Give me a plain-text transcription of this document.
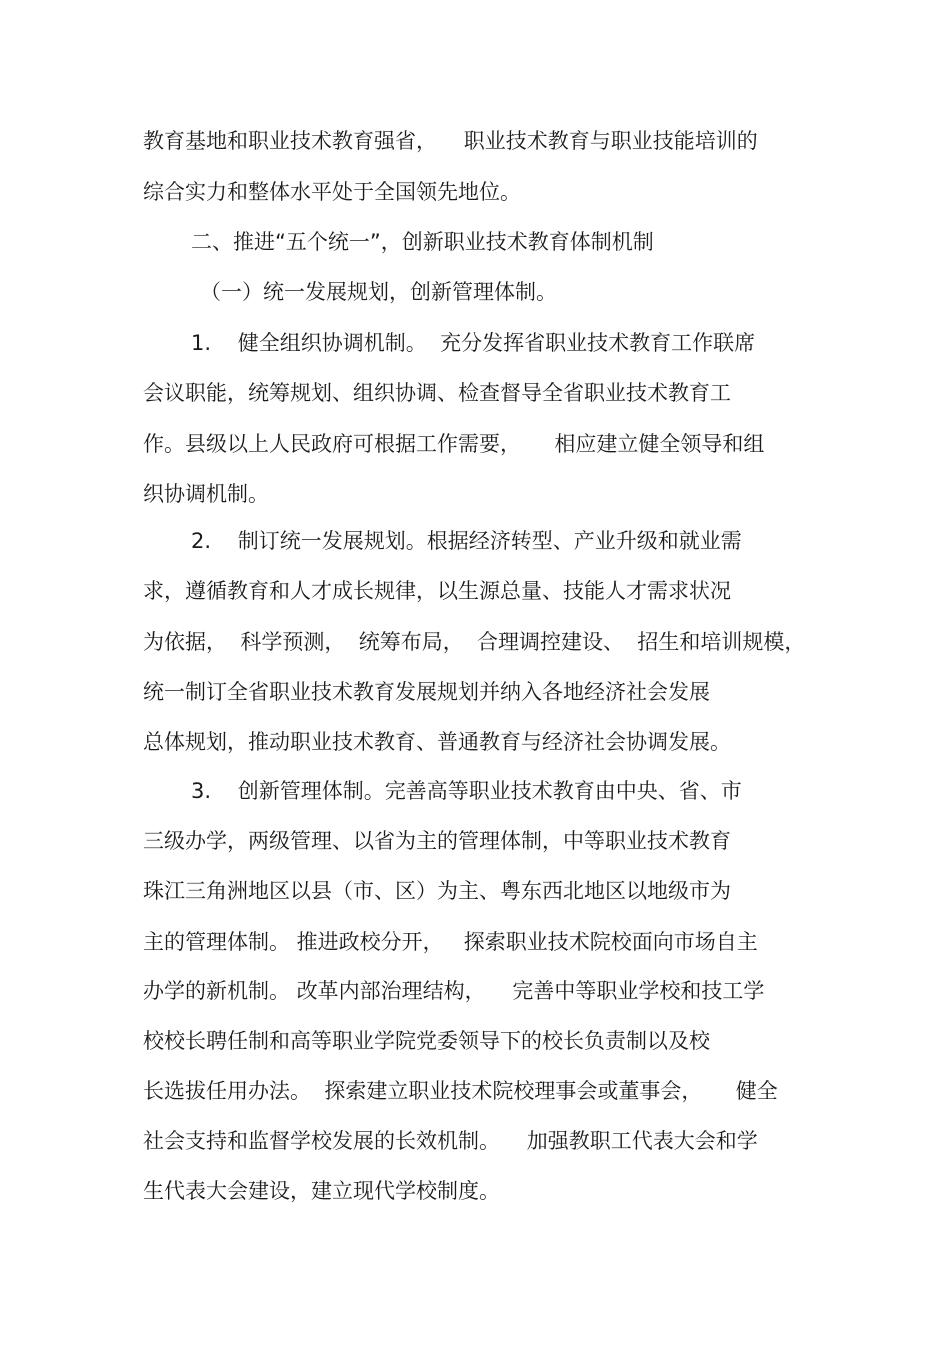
教育基地和职业技术教育强省，    职业技术教育与职业技能培训的
综合实力和整体水平处于全国领先地位。
二、推进“五个统一”，创新职业技术教育体制机制
（一）统一发展规划，创新管理体制。
1.    健全组织协调机制。  充分发挥省职业技术教育工作联席
会议职能，统筹规划、组织协调、检查督导全省职业技术教育工
作。县级以上人民政府可根据工作需要，     相应建立健全领导和组
织协调机制。
2.    制订统一发展规划。根据经济转型、产业升级和就业需
求，遵循教育和人才成长规律，以生源总量、技能人才需求状况
为依据，  科学预测，  统筹布局，  合理调控建设、  招生和培训规模，
统一制订全省职业技术教育发展规划并纳入各地经济社会发展
总体规划，推动职业技术教育、普通教育与经济社会协调发展。
3.    创新管理体制。完善高等职业技术教育由中央、省、市
三级办学，两级管理、以省为主的管理体制，中等职业技术教育
珠江三角洲地区以县（市、区）为主、粤东西北地区以地级市为
主的管理体制。 推进政校分开，   探索职业技术院校面向市场自主
办学的新机制。 改革内部治理结构，    完善中等职业学校和技工学
校校长聘任制和高等职业学院党委领导下的校长负责制以及校
长选拔任用办法。  探索建立职业技术院校理事会或董事会，     健全
社会支持和监督学校发展的长效机制。    加强教职工代表大会和学
生代表大会建设，建立现代学校制度。
